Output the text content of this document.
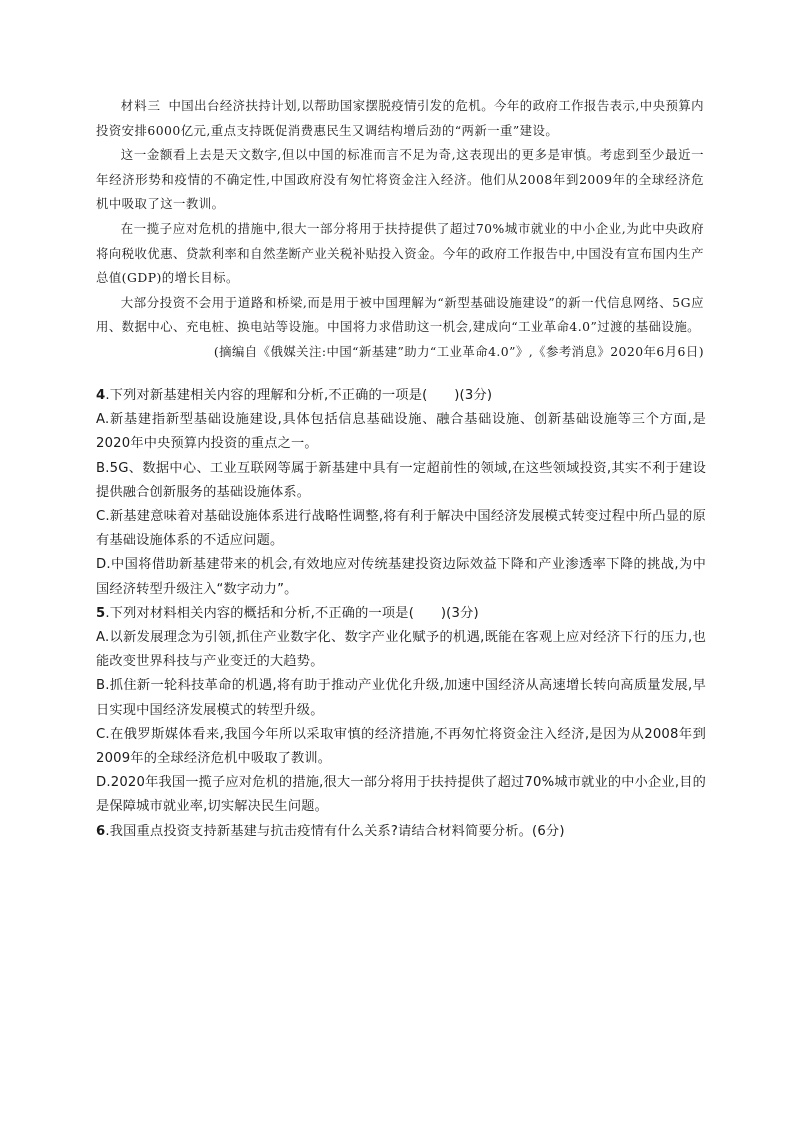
材料三 中国出台经济扶持计划,以帮助国家摆脱疫情引发的危机。今年的政府工作报告表示,中央预算内投资安排6000亿元,重点支持既促消费惠民生又调结构增后劲的“两新一重”建设。

这一金额看上去是天文数字,但以中国的标准而言不足为奇,这表现出的更多是审慎。考虑到至少最近一年经济形势和疫情的不确定性,中国政府没有匆忙将资金注入经济。他们从2008年到2009年的全球经济危机中吸取了这一教训。

在一揽子应对危机的措施中,很大一部分将用于扶持提供了超过70%城市就业的中小企业,为此中央政府将向税收优惠、贷款利率和自然垄断产业关税补贴投入资金。今年的政府工作报告中,中国没有宣布国内生产总值(GDP)的增长目标。

大部分投资不会用于道路和桥梁,而是用于被中国理解为“新型基础设施建设”的新一代信息网络、5G应用、数据中心、充电桩、换电站等设施。中国将力求借助这一机会,建成向“工业革命4.0”过渡的基础设施。

(摘编自《俄媒关注:中国“新基建”助力“工业革命4.0”》,《参考消息》2020年6月6日)

4.下列对新基建相关内容的理解和分析,不正确的一项是(　　)(3分)

A.新基建指新型基础设施建设,具体包括信息基础设施、融合基础设施、创新基础设施等三个方面,是2020年中央预算内投资的重点之一。

B.5G、数据中心、工业互联网等属于新基建中具有一定超前性的领域,在这些领域投资,其实不利于建设提供融合创新服务的基础设施体系。

C.新基建意味着对基础设施体系进行战略性调整,将有利于解决中国经济发展模式转变过程中所凸显的原有基础设施体系的不适应问题。

D.中国将借助新基建带来的机会,有效地应对传统基建投资边际效益下降和产业渗透率下降的挑战,为中国经济转型升级注入“数字动力”。

5.下列对材料相关内容的概括和分析,不正确的一项是(　　)(3分)

A.以新发展理念为引领,抓住产业数字化、数字产业化赋予的机遇,既能在客观上应对经济下行的压力,也能改变世界科技与产业变迁的大趋势。

B.抓住新一轮科技革命的机遇,将有助于推动产业优化升级,加速中国经济从高速增长转向高质量发展,早日实现中国经济发展模式的转型升级。

C.在俄罗斯媒体看来,我国今年所以采取审慎的经济措施,不再匆忙将资金注入经济,是因为从2008年到2009年的全球经济危机中吸取了教训。

D.2020年我国一揽子应对危机的措施,很大一部分将用于扶持提供了超过70%城市就业的中小企业,目的是保障城市就业率,切实解决民生问题。

6.我国重点投资支持新基建与抗击疫情有什么关系?请结合材料简要分析。(6分)
